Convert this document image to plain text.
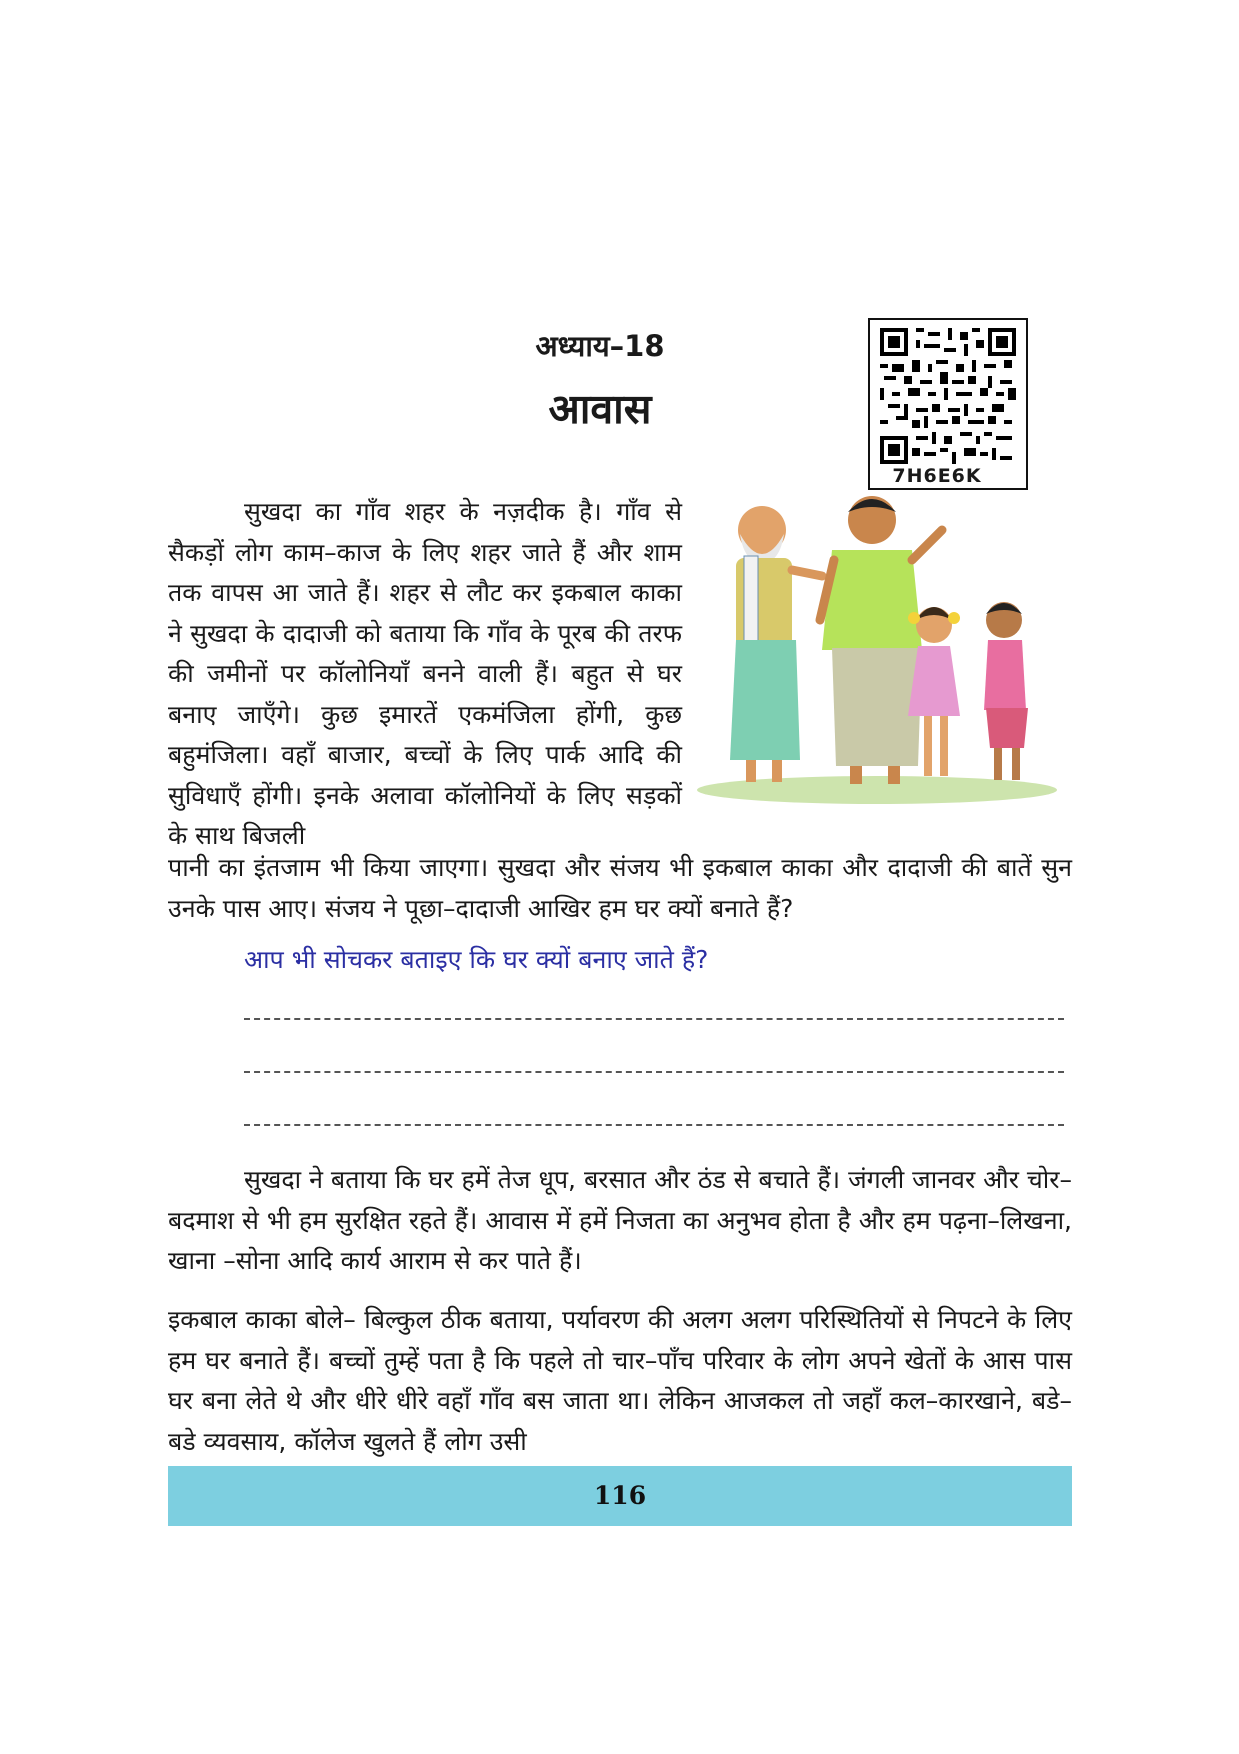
अध्याय–18
आवास
7H6E6K

सुखदा का गाँव शहर के नज़दीक है। गाँव से सैकड़ों लोग काम–काज के लिए शहर जाते हैं और शाम तक वापस आ जाते हैं। शहर से लौट कर इकबाल काका ने सुखदा के दादाजी को बताया कि गाँव के पूरब की तरफ की जमीनों पर कॉलोनियाँ बनने वाली हैं। बहुत से घर बनाए जाएँगे। कुछ इमारतें एकमंजिला होंगी, कुछ बहुमंजिला। वहाँ बाजार, बच्चों के लिए पार्क आदि की सुविधाएँ होंगी। इनके अलावा कॉलोनियों के लिए सड़कों के साथ बिजली

पानी का इंतजाम भी किया जाएगा। सुखदा और संजय भी इकबाल काका और दादाजी की बातें सुन उनके पास आए। संजय ने पूछा–दादाजी आखिर हम घर क्यों बनाते हैं?

आप भी सोचकर बताइए कि घर क्यों बनाए जाते हैं?

सुखदा ने बताया कि घर हमें तेज धूप, बरसात और ठंड से बचाते हैं। जंगली जानवर और चोर–बदमाश से भी हम सुरक्षित रहते हैं। आवास में हमें निजता का अनुभव होता है और हम पढ़ना–लिखना, खाना –सोना आदि कार्य आराम से कर पाते हैं।

इकबाल काका बोले– बिल्कुल ठीक बताया, पर्यावरण की अलग अलग परिस्थितियों से निपटने के लिए हम घर बनाते हैं। बच्चों तुम्हें पता है कि पहले तो चार–पाँच परिवार के लोग अपने खेतों के आस पास घर बना लेते थे और धीरे धीरे वहाँ गाँव बस जाता था। लेकिन आजकल तो जहाँ कल–कारखाने, बडे–बडे व्यवसाय, कॉलेज खुलते हैं लोग उसी

116
